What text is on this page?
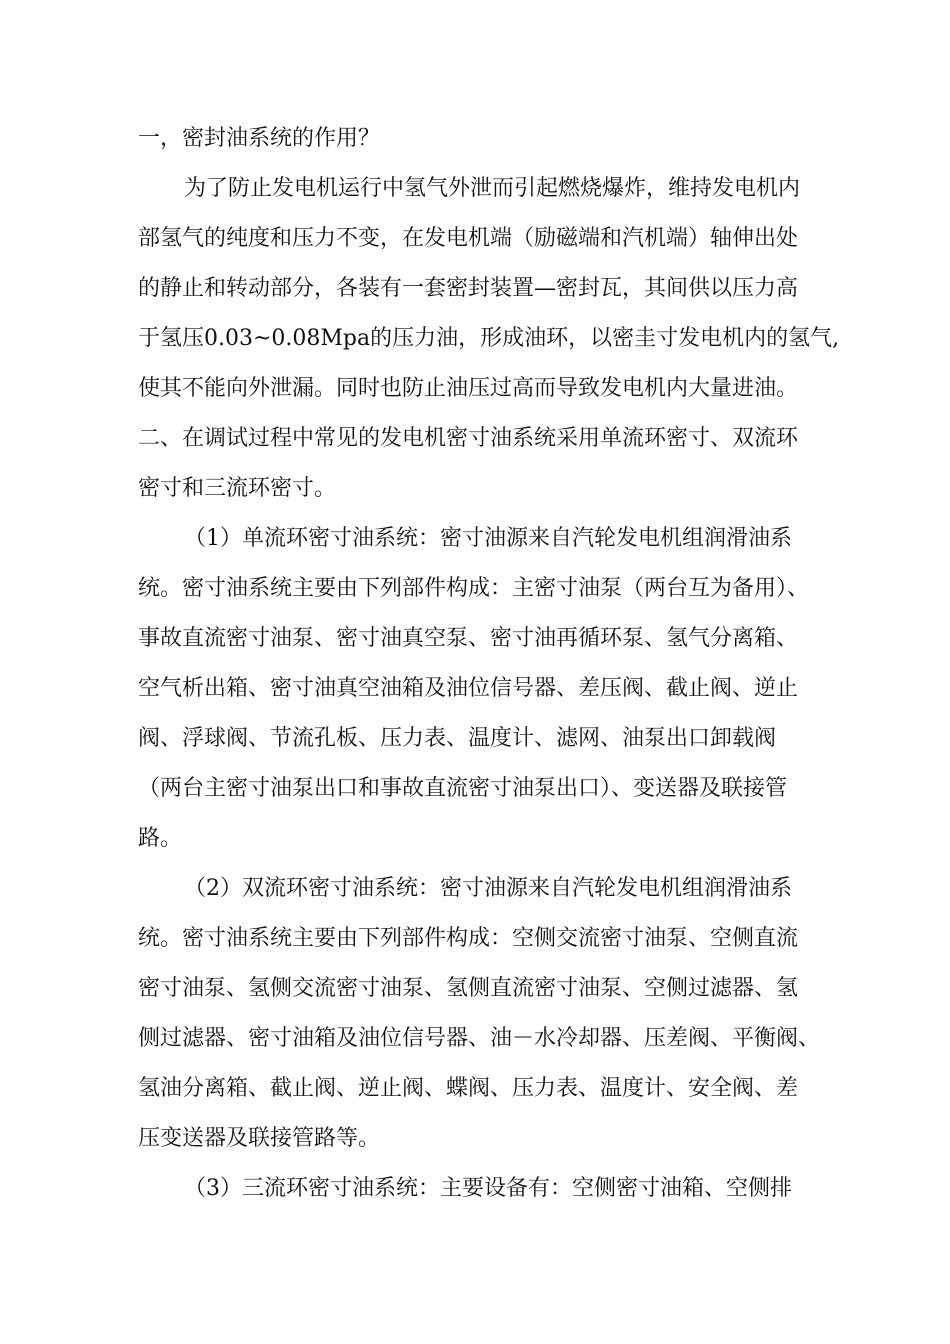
一，密封油系统的作用？
为了防止发电机运行中氢气外泄而引起燃烧爆炸，维持发电机内
部氢气的纯度和压力不变，在发电机端（励磁端和汽机端）轴伸出处
的静止和转动部分，各装有一套密封装置—密封瓦，其间供以压力高
于氢压0.03~0.08Mpa的压力油，形成油环，以密圭寸发电机内的氢气,
使其不能向外泄漏。同时也防止油压过高而导致发电机内大量进油。
二、在调试过程中常见的发电机密寸油系统采用单流环密寸、双流环
密寸和三流环密寸。
（1）单流环密寸油系统：密寸油源来自汽轮发电机组润滑油系
统。密寸油系统主要由下列部件构成：主密寸油泵（两台互为备用）、
事故直流密寸油泵、密寸油真空泵、密寸油再循环泵、氢气分离箱、
空气析出箱、密寸油真空油箱及油位信号器、差压阀、截止阀、逆止
阀、浮球阀、节流孔板、压力表、温度计、滤网、油泵出口卸载阀
（两台主密寸油泵出口和事故直流密寸油泵出口）、变送器及联接管
路。
（2）双流环密寸油系统：密寸油源来自汽轮发电机组润滑油系
统。密寸油系统主要由下列部件构成：空侧交流密寸油泵、空侧直流
密寸油泵、氢侧交流密寸油泵、氢侧直流密寸油泵、空侧过滤器、氢
侧过滤器、密寸油箱及油位信号器、油－水冷却器、压差阀、平衡阀、
氢油分离箱、截止阀、逆止阀、蝶阀、压力表、温度计、安全阀、差
压变送器及联接管路等。
（3）三流环密寸油系统：主要设备有：空侧密寸油箱、空侧排
